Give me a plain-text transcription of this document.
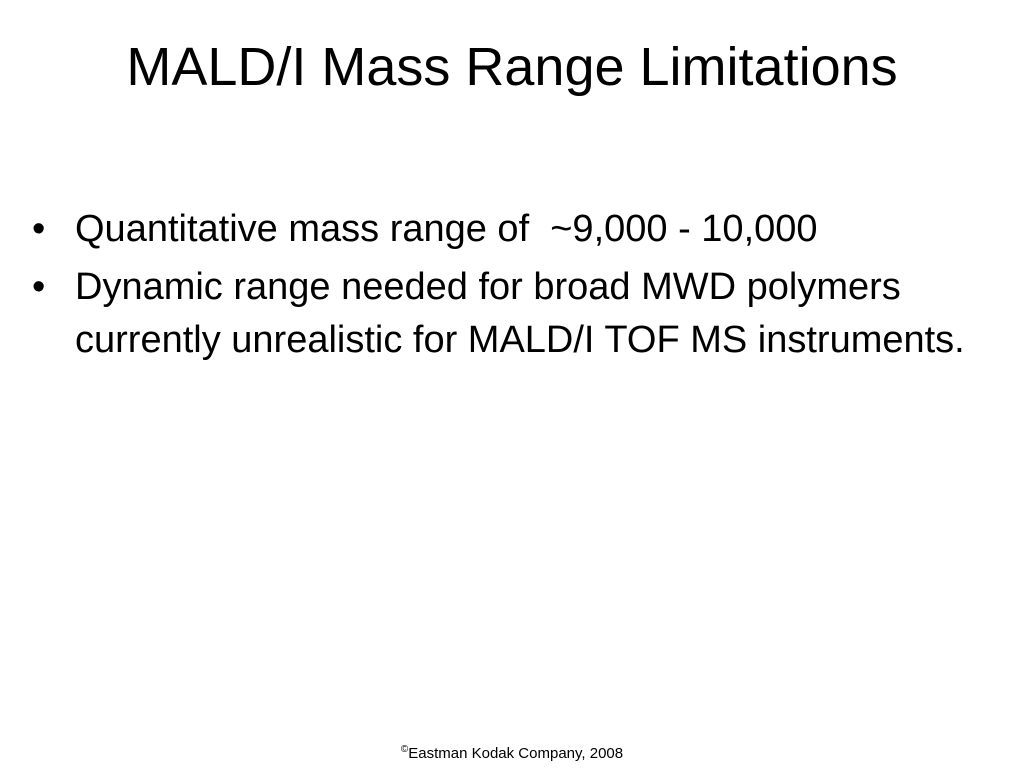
MALD/I Mass Range Limitations
• Quantitative mass range of  ~9,000 - 10,000
• Dynamic range needed for broad MWD polymers currently unrealistic for MALD/I TOF MS instruments.
©Eastman Kodak Company, 2008
